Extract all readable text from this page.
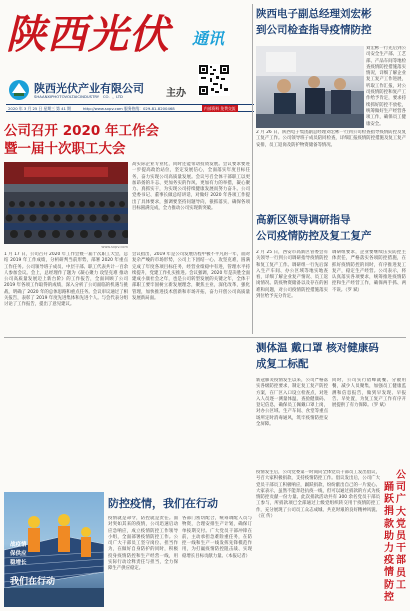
陕西光伏 通讯
陕西光伏产业有限公司
SHAANXIPHOTOVOLTAICINDUSTRY　CO．，LTD	主办
2020 年 3 月 25 日 星期三 第 41 期	http://www.sxpv.com 服务热线：029-81-8200468	内部资料 免费交流
陕西电子副总经理刘宏彬
到公司检查指导疫情防控
刘宏彬一行先后到公司安全生产部、工艺部、产品车间等地检查疫情防控措施落实情况，详细了解企业复工复产工作进展，听取工作汇报，对公司疫情防控和复产工作给予肯定，要求持续抓好防控不放松，统筹做好生产经营各项工作，确保员工健康安全。
2 月 26 日，陕西电子集团副总经理刘宏彬一行到公司检查指导疫情防控及复工复产工作。公司领导班子成员陪同检查，详细汇报疫情防控措施及复工复产安排，员工返岗及防护物资储备等情况。
公司召开 2020 年工作会
暨一届十次职工大会
www.sxpv.com
高实际企业专业化，同时还能带动投资发展。会议要求要进一步提高政治站位，坚定发展信心，全面落实年度目标任务，奋力实现公司高质量发展。会议号召全体干部职工以更加昂扬的斗志、更加务实的作风、更加有力的举措，凝心聚力、真抓实干，为实现公司持续健康发展而努力奋斗。公司党委书记、董事长做总结讲话，对做好 2020 年各项工作提出了具体要求，强调要坚持问题导向，狠抓落实，确保各项目标圆满完成，全力推动公司实现新突破。
1 月 17 日，公司召开 2020 年工作会暨一届十次职工大会，总结 2019 年工作成绩，分析研判当前形势，部署 2020 年重点工作任务。公司领导班子成员、中层干部、职工代表共计一百余人参加会议。会上，总经理作了题为《凝心聚力 攻坚克难 推动公司高质量发展迈上新台阶》的工作报告，全面回顾了公司 2019 年各项工作取得的成绩，深入分析了公司面临的机遇与挑战，明确了 2020 年的总体思路和重点任务。会议审议通过了相关报告，表彰了 2019 年度先进集体和先进个人。与会代表分组讨论了工作报告，提出了意见建议。
会议指出，2019 年是公司发展历程中极不平凡的一年，面对复杂严峻的市场形势，公司上下团结一心、攻坚克难，圆满完成了年度各项目标任务，经营业绩稳中有进，管理水平持续提升，党建工作扎实推进。会议强调，2020 年是决胜全面建成小康社会之年，也是公司转型发展的关键之年，全体干部职工要牢固树立新发展理念，聚焦主业，深化改革，强化管理，加快推进技术创新和市场开拓，奋力开创公司高质量发展新局面。
高新区领导调研指导
公司疫情防控及复工复产
2 月 25 日，西安市高新区管委会有关领导一行到公司调研指导疫情防控和复工复产工作。调研组一行先后深入生产车间、办公区域等地实地查看，详细了解企业复产情况、员工返岗情况、防疫物资储备以及存在的困难和问题，对公司疫情防控措施落实到位给予充分肯定。
调研组要求，企业要继续压实防控主体责任，严格落实各项防控措施，在抓好疫情防控的同时，有序推进复工复产，稳定生产经营。公司表示，将认真落实各项要求，统筹推进疫情防控和生产经营工作，确保两手抓、两不误。（罗 斌）
测体温 戴口罩 核对健康码
成复工标配
新冠肺炎疫情发生以来，公司严格落实各级防控要求，制定复工复产防控方案，在厂区入口设立检查点，对进入人员逐一测量体温、查验健康码、登记信息，确保员工佩戴口罩上岗，对办公区域、生产车间、食堂等重点场所定时消毒通风，筑牢疫情防控安全屏障。
同时，公司实行错峰就餐、分散用餐，减少人员聚集，加强员工健康监测和信息报告，做到早发现、早报告、早处置，为复工复产工作有序开展提供了有力保障。（罗 斌）
战疫情
保供应
稳增长
我们在行动
防控疫情，我们在行动
疫情就是命令，防控就是责任。面对突如其来的疫情，公司迅速启动应急响应，成立疫情防控工作领导小组，全面部署疫情防控工作。公司广大干部员工坚守岗位、担当作为，在做好自身防护的同时，积极投身疫情防控和生产经营一线，用实际行动诠释责任与担当，全力保障生产供应稳定。
各部门密切配合，统筹调配人员与物资，合理安排生产计划，确保订单按期交付。广大党员干部冲锋在前，主动承担急难险重任务，在防控一线和生产一线发挥先锋模范作用，为打赢疫情防控阻击战、实现稳增长目标贡献力量。（本报记者）
疫情发生后，公司党委第一时间向全体党员干部员工发出倡议，号召大家积极捐款，支持疫情防控工作。倡议发出后，公司广大党员干部员工积极响应，踊跃捐款，纷纷献出自己的一片爱心。大家表示，虽然不能奔赴抗疫一线，但可以通过捐款的方式为疫情防控贡献一份力量。此次捐款活动共有 300 余名党员干部员工参与，所捐款项已全部通过上级党组织转交用于疫情防控工作，充分展现了公司员工众志成城、共克时艰的良好精神风貌。（宣 传）
公司广大党员干部员工
踊跃捐款助力疫情防控
